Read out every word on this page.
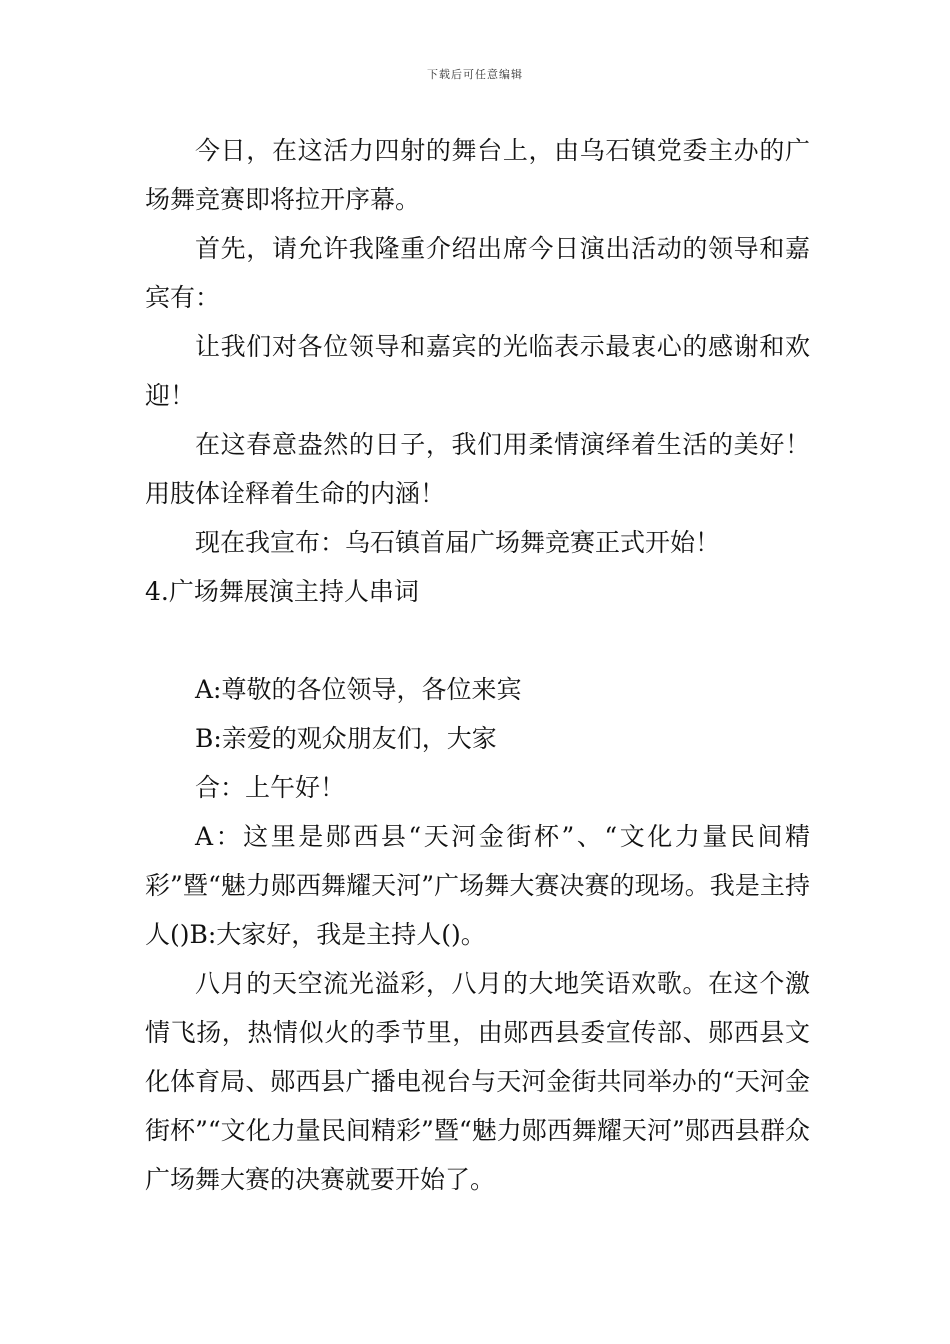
下载后可任意编辑

今日，在这活力四射的舞台上，由乌石镇党委主办的广场舞竞赛即将拉开序幕。

首先，请允许我隆重介绍出席今日演出活动的领导和嘉宾有：

让我们对各位领导和嘉宾的光临表示最衷心的感谢和欢迎！

在这春意盎然的日子，我们用柔情演绎着生活的美好！用肢体诠释着生命的内涵！

现在我宣布：乌石镇首届广场舞竞赛正式开始！

4.广场舞展演主持人串词

A:尊敬的各位领导，各位来宾

B:亲爱的观众朋友们，大家

合：上午好！

A：这里是郧西县“天河金街杯”、“文化力量民间精彩”暨“魅力郧西舞耀天河”广场舞大赛决赛的现场。我是主持人()B:大家好，我是主持人()。

八月的天空流光溢彩，八月的大地笑语欢歌。在这个激情飞扬，热情似火的季节里，由郧西县委宣传部、郧西县文化体育局、郧西县广播电视台与天河金街共同举办的“天河金街杯”“文化力量民间精彩”暨“魅力郧西舞耀天河”郧西县群众广场舞大赛的决赛就要开始了。
